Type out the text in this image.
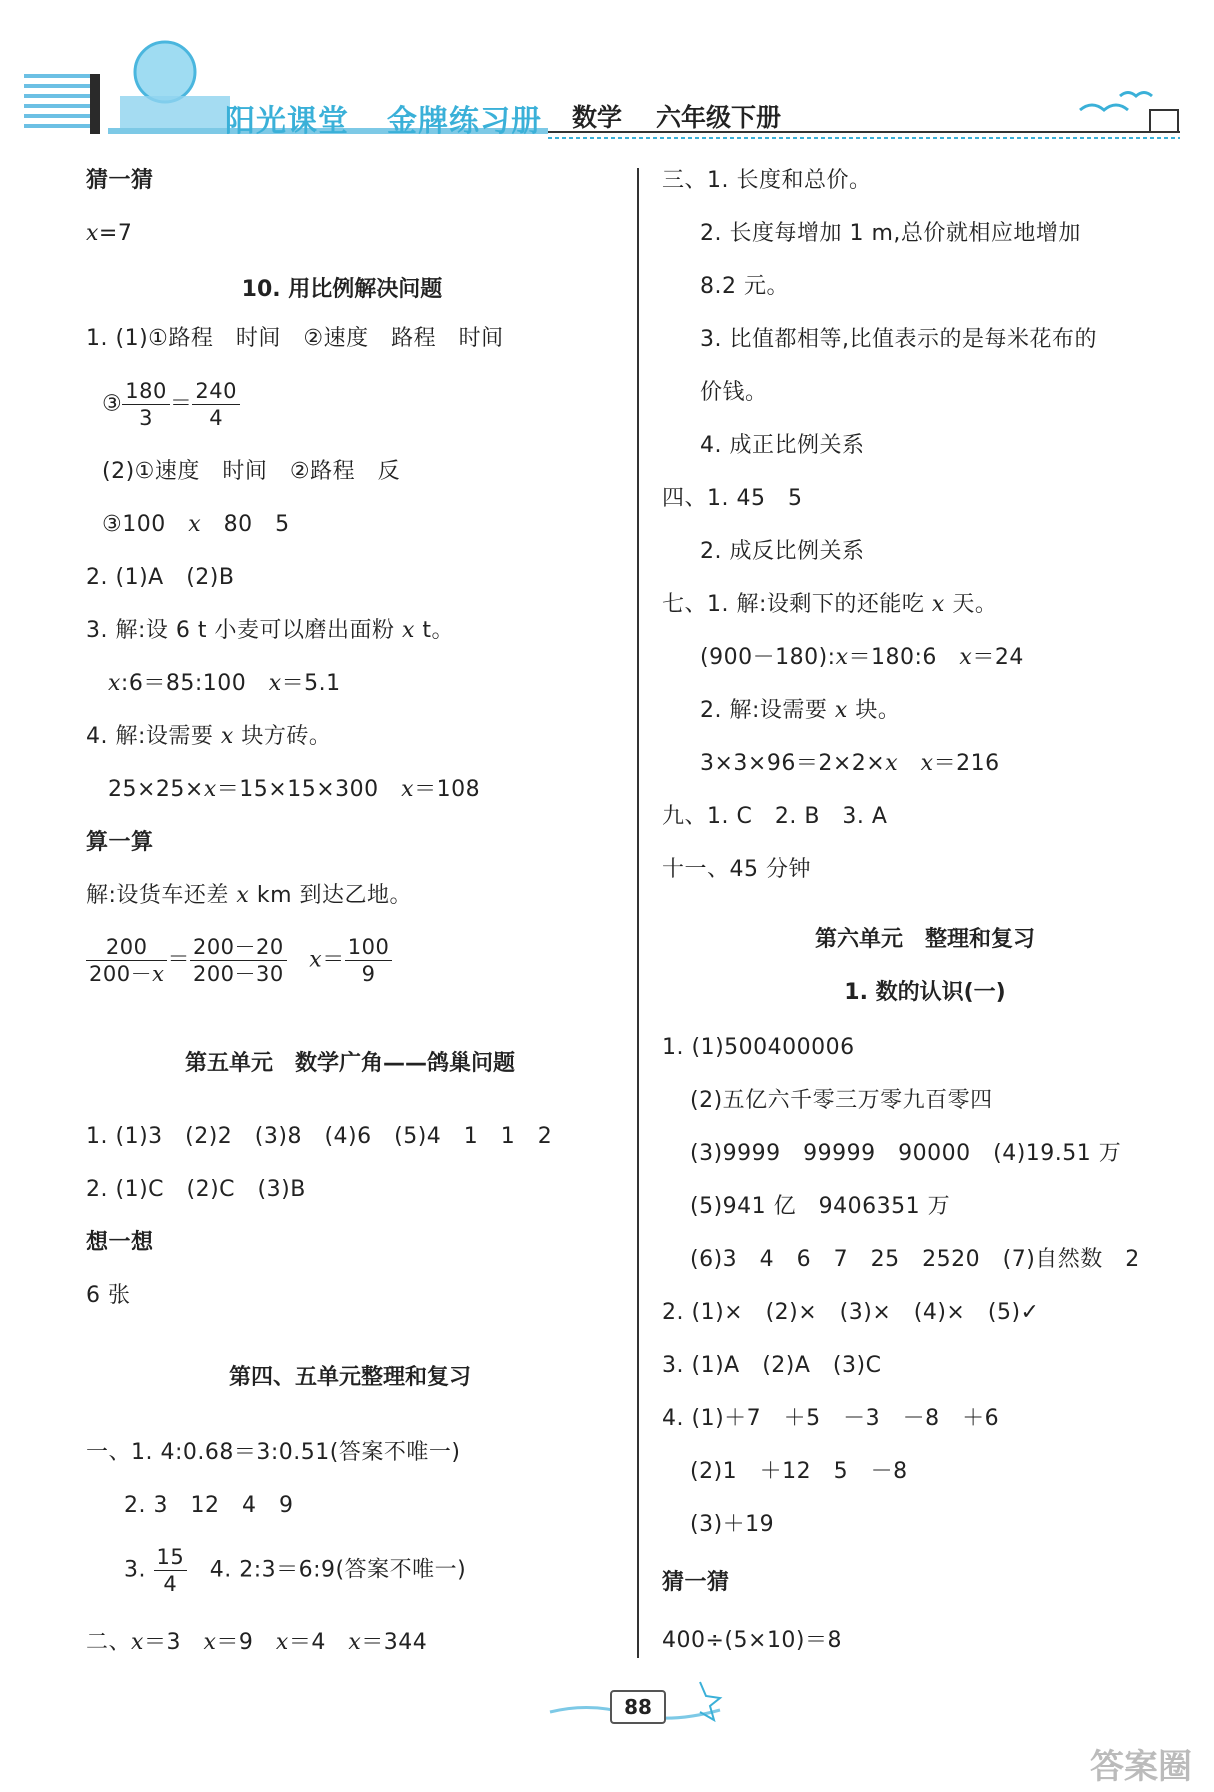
阳光课堂 金牌练习册	数学 六年级下册
猜一猜
x=7
10. 用比例解决问题
1. (1)①路程　时间　②速度　路程　时间
③ $\frac{180}{3} = \frac{240}{4}$
(2)①速度　时间　②路程　反
③100　 x　 80　5
2. (1)A　(2)B
3. 解:设 6 t 小麦可以磨出面粉 x t。
x:6＝85:100　 x＝5.1
4. 解:设需要 x 块方砖。
25×25×x＝15×15×300　 x＝108
算一算
解:设货车还差 x km 到达乙地。
$\frac{200}{200-x} = \frac{200-20}{200-30}$
　 $x= \frac{100}{9}$
第五单元　数学广角——鸽巢问题
1. (1)3　(2)2　(3)8　(4)6　(5)4　1　1　2
2. (1)C　(2)C　(3)B
想一想
6 张
第四、五单元整理和复习
一、1. 4:0.68＝3:0.51(答案不唯一)
2. 3　12　4　9
3. $\frac{15}{4}$
　 4. 2:3＝6:9(答案不唯一)
二、x＝3　 x＝9　 x＝4　 x＝344
三、1. 长度和总价。
2. 长度每增加 1 m,总价就相应地增加
8.2 元。
3. 比值都相等,比值表示的是每米花布的
价钱。
4. 成正比例关系
四、1. 45　5
2. 成反比例关系
七、1. 解:设剩下的还能吃 x 天。
(900－180):x＝180:6　 x＝24
2. 解:设需要 x 块。
3×3×96＝2×2×x　 x＝216
九、1. C　2. B　3. A
十一、45 分钟
第六单元　整理和复习
1. 数的认识(一)
1. (1)500400006
(2)五亿六千零三万零九百零四
(3)9999　99999　90000　(4)19.51 万
(5)941 亿　9406351 万
(6)3　4　6　7　25　2520　(7)自然数　2
2. (1)×　(2)×　(3)×　(4)×　(5)✓
3. (1)A　(2)A　(3)C
4. (1)＋7　＋5　－3　－8　＋6
(2)1　＋12　5　－8
(3)＋19
猜一猜
400÷(5×10)＝8
88
答案圈
